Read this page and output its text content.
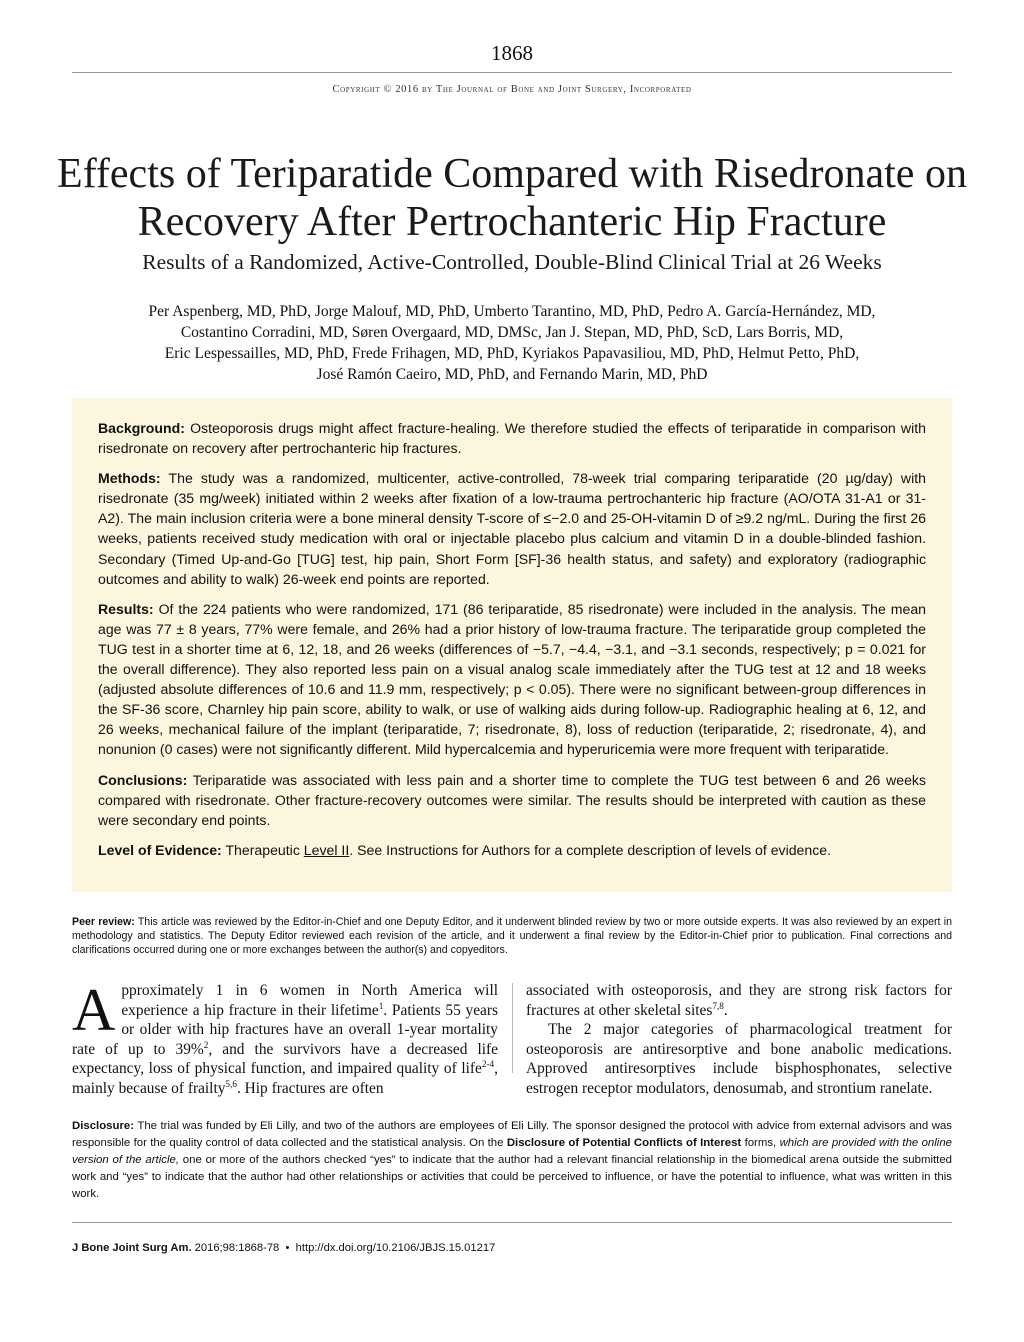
1868
Copyright © 2016 by The Journal of Bone and Joint Surgery, Incorporated
Effects of Teriparatide Compared with Risedronate on
Recovery After Pertrochanteric Hip Fracture
Results of a Randomized, Active-Controlled, Double-Blind Clinical Trial at 26 Weeks
Per Aspenberg, MD, PhD, Jorge Malouf, MD, PhD, Umberto Tarantino, MD, PhD, Pedro A. García-Hernández, MD,
Costantino Corradini, MD, Søren Overgaard, MD, DMSc, Jan J. Stepan, MD, PhD, ScD, Lars Borris, MD,
Eric Lespessailles, MD, PhD, Frede Frihagen, MD, PhD, Kyriakos Papavasiliou, MD, PhD, Helmut Petto, PhD,
José Ramón Caeiro, MD, PhD, and Fernando Marin, MD, PhD

Background: Osteoporosis drugs might affect fracture-healing. We therefore studied the effects of teriparatide in comparison with risedronate on recovery after pertrochanteric hip fractures.

Methods: The study was a randomized, multicenter, active-controlled, 78-week trial comparing teriparatide (20 µg/day) with risedronate (35 mg/week) initiated within 2 weeks after fixation of a low-trauma pertrochanteric hip fracture (AO/OTA 31-A1 or 31-A2). The main inclusion criteria were a bone mineral density T-score of ≤−2.0 and 25-OH-vitamin D of ≥9.2 ng/mL. During the first 26 weeks, patients received study medication with oral or injectable placebo plus calcium and vitamin D in a double-blinded fashion. Secondary (Timed Up-and-Go [TUG] test, hip pain, Short Form [SF]-36 health status, and safety) and exploratory (radiographic outcomes and ability to walk) 26-week end points are reported.

Results: Of the 224 patients who were randomized, 171 (86 teriparatide, 85 risedronate) were included in the analysis. The mean age was 77 ± 8 years, 77% were female, and 26% had a prior history of low-trauma fracture. The teriparatide group completed the TUG test in a shorter time at 6, 12, 18, and 26 weeks (differences of −5.7, −4.4, −3.1, and −3.1 seconds, respectively; p = 0.021 for the overall difference). They also reported less pain on a visual analog scale immediately after the TUG test at 12 and 18 weeks (adjusted absolute differences of 10.6 and 11.9 mm, respectively; p < 0.05). There were no significant between-group differences in the SF-36 score, Charnley hip pain score, ability to walk, or use of walking aids during follow-up. Radiographic healing at 6, 12, and 26 weeks, mechanical failure of the implant (teriparatide, 7; risedronate, 8), loss of reduction (teriparatide, 2; risedronate, 4), and nonunion (0 cases) were not significantly different. Mild hypercalcemia and hyperuricemia were more frequent with teriparatide.

Conclusions: Teriparatide was associated with less pain and a shorter time to complete the TUG test between 6 and 26 weeks compared with risedronate. Other fracture-recovery outcomes were similar. The results should be interpreted with caution as these were secondary end points.

Level of Evidence: Therapeutic Level II. See Instructions for Authors for a complete description of levels of evidence.

Peer review: This article was reviewed by the Editor-in-Chief and one Deputy Editor, and it underwent blinded review by two or more outside experts. It was also reviewed by an expert in methodology and statistics. The Deputy Editor reviewed each revision of the article, and it underwent a final review by the Editor-in-Chief prior to publication. Final corrections and clarifications occurred during one or more exchanges between the author(s) and copyeditors.
Approximately 1 in 6 women in North America will experience a hip fracture in their lifetime$^1$. Patients 55 years or older with hip fractures have an overall 1-year mortality rate of up to 39%$^2$, and the survivors have a decreased life expectancy, loss of physical function, and impaired quality of life$^{2-4}$, mainly because of frailty$^{5,6}$. Hip fractures are often

associated with osteoporosis, and they are strong risk factors for fractures at other skeletal sites$^{7,8}$.

The 2 major categories of pharmacological treatment for osteoporosis are antiresorptive and bone anabolic medications. Approved antiresorptives include bisphosphonates, selective estrogen receptor modulators, denosumab, and strontium ranelate.

Disclosure: The trial was funded by Eli Lilly, and two of the authors are employees of Eli Lilly. The sponsor designed the protocol with advice from external advisors and was responsible for the quality control of data collected and the statistical analysis. On the Disclosure of Potential Conflicts of Interest forms, which are provided with the online version of the article, one or more of the authors checked “yes” to indicate that the author had a relevant financial relationship in the biomedical arena outside the submitted work and “yes” to indicate that the author had other relationships or activities that could be perceived to influence, or have the potential to influence, what was written in this work.
J Bone Joint Surg Am. 2016;98:1868-78 • http://dx.doi.org/10.2106/JBJS.15.01217
